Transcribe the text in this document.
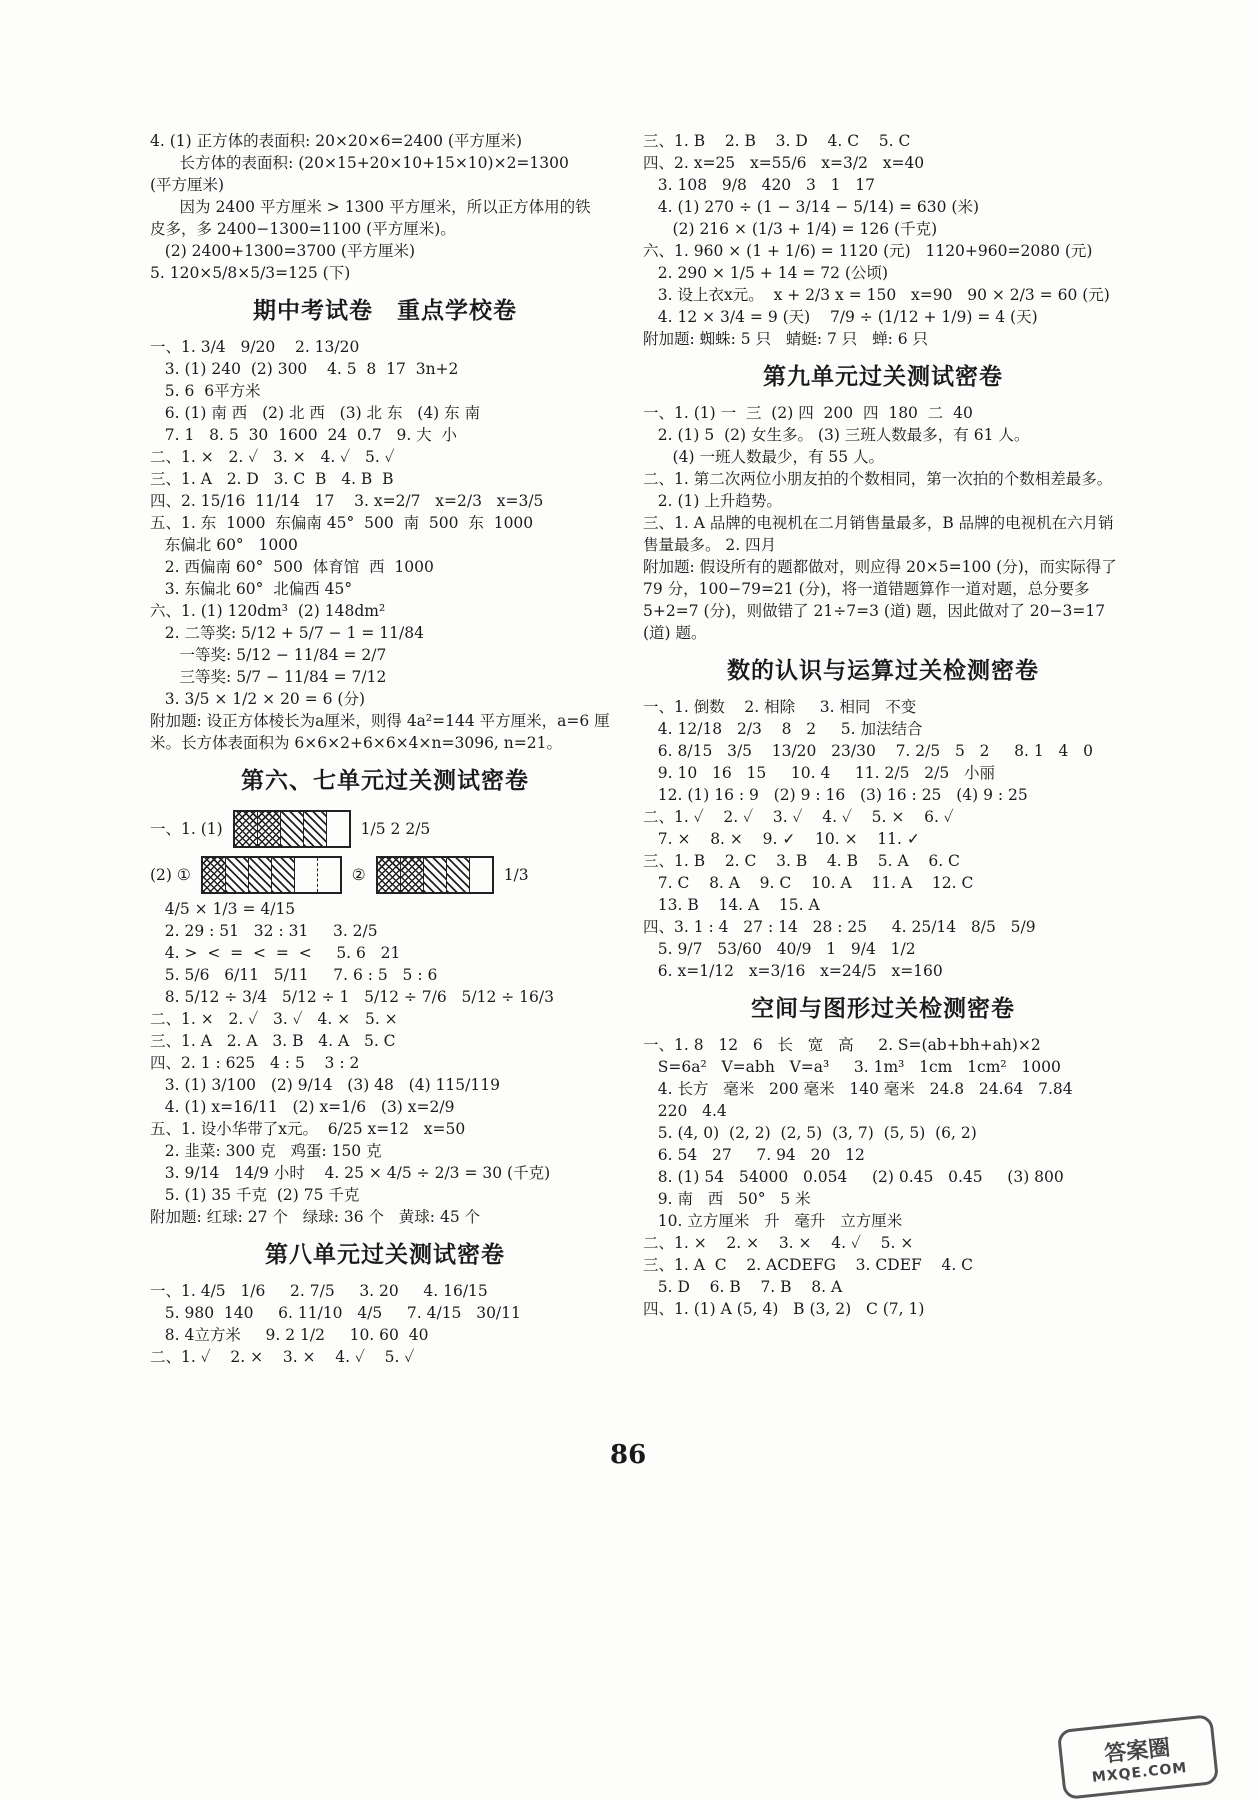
4. (1) 正方体的表面积: 20×20×6=2400 (平方厘米)
长方体的表面积: (20×15+20×10+15×10)×2=1300
(平方厘米)
因为 2400 平方厘米 > 1300 平方厘米，所以正方体用的铁
皮多，多 2400−1300=1100 (平方厘米)。
(2) 2400+1300=3700 (平方厘米)
5. 120×5/8×5/3=125 (下)
期中考试卷　重点学校卷
一、1. 3/4   9/20    2. 13/20
3. (1) 240  (2) 300    4. 5  8  17  3n+2
5. 6  6平方米
6. (1) 南 西   (2) 北 西   (3) 北 东   (4) 东 南
7. 1   8. 5  30  1600  24  0.7   9. 大  小
二、1. ×   2. ✓   3. ×   4. ✓   5. ✓
三、1. A   2. D   3. C  B   4. B  B
四、2. 15/16  11/14   17    3. x=2/7   x=2/3   x=3/5
五、1. 东  1000  东偏南 45°  500  南  500  东  1000
东偏北 60°   1000
2. 西偏南 60°  500  体育馆  西  1000
3. 东偏北 60°  北偏西 45°
六、1. (1) 120dm³  (2) 148dm²
2. 二等奖: 5/12 + 5/7 − 1 = 11/84
一等奖: 5/12 − 11/84 = 2/7
三等奖: 5/7 − 11/84 = 7/12
3. 3/5 × 1/2 × 20 = 6 (分)
附加题: 设正方体棱长为a厘米，则得 4a²=144 平方厘米，a=6 厘米。长方体表面积为 6×6×2+6×6×4×n=3096, n=21。
第六、七单元过关测试密卷
一、1. (1)	1/5 2 2/5
(2) ①	②	1/3
4/5 × 1/3 = 4/15
2. 29 : 51   32 : 31     3. 2/5
4. >  <  =  <  =  <     5. 6   21
5. 5/6   6/11   5/11     7. 6 : 5   5 : 6
8. 5/12 ÷ 3/4   5/12 ÷ 1   5/12 ÷ 7/6   5/12 ÷ 16/3
二、1. ×   2. ✓   3. ✓   4. ×   5. ×
三、1. A   2. A   3. B   4. A   5. C
四、2. 1 : 625   4 : 5    3 : 2
3. (1) 3/100   (2) 9/14   (3) 48   (4) 115/119
4. (1) x=16/11   (2) x=1/6   (3) x=2/9
五、1. 设小华带了x元。  6/25 x=12   x=50
2. 韭菜: 300 克   鸡蛋: 150 克
3. 9/14   14/9 小时    4. 25 × 4/5 ÷ 2/3 = 30 (千克)
5. (1) 35 千克  (2) 75 千克
附加题: 红球: 27 个   绿球: 36 个   黄球: 45 个
第八单元过关测试密卷
一、1. 4/5   1/6     2. 7/5     3. 20     4. 16/15
5. 980  140     6. 11/10   4/5     7. 4/15   30/11
8. 4立方米     9. 2 1/2     10. 60  40
二、1. ✓    2. ×    3. ×    4. ✓    5. ✓
三、1. B    2. B    3. D    4. C    5. C
四、2. x=25   x=55/6   x=3/2   x=40
3. 108   9/8   420   3   1   17
4. (1) 270 ÷ (1 − 3/14 − 5/14) = 630 (米)
(2) 216 × (1/3 + 1/4) = 126 (千克)
六、1. 960 × (1 + 1/6) = 1120 (元)   1120+960=2080 (元)
2. 290 × 1/5 + 14 = 72 (公顷)
3. 设上衣x元。  x + 2/3 x = 150   x=90   90 × 2/3 = 60 (元)
4. 12 × 3/4 = 9 (天)    7/9 ÷ (1/12 + 1/9) = 4 (天)
附加题: 蜘蛛: 5 只   蜻蜓: 7 只   蝉: 6 只
第九单元过关测试密卷
一、1. (1) 一  三  (2) 四  200  四  180  二  40
2. (1) 5  (2) 女生多。 (3) 三班人数最多，有 61 人。
(4) 一班人数最少，有 55 人。
二、1. 第二次两位小朋友拍的个数相同，第一次拍的个数相差最多。
2. (1) 上升趋势。
三、1. A 品牌的电视机在二月销售量最多，B 品牌的电视机在六月销售量最多。 2. 四月
附加题: 假设所有的题都做对，则应得 20×5=100 (分)，而实际得了 79 分，100−79=21 (分)，将一道错题算作一道对题，总分要多 5+2=7 (分)，则做错了 21÷7=3 (道) 题，因此做对了 20−3=17 (道) 题。
数的认识与运算过关检测密卷
一、1. 倒数    2. 相除     3. 相同   不变
4. 12/18   2/3    8   2     5. 加法结合
6. 8/15   3/5    13/20   23/30    7. 2/5   5   2     8. 1   4   0
9. 10   16   15     10. 4     11. 2/5   2/5   小丽
12. (1) 16 : 9   (2) 9 : 16   (3) 16 : 25   (4) 9 : 25
二、1. ✓    2. ✓    3. ✓    4. ✓    5. ×    6. ✓
7. ×    8. ×    9. ✓    10. ×    11. ✓
三、1. B    2. C    3. B    4. B    5. A    6. C
7. C    8. A    9. C    10. A    11. A    12. C
13. B    14. A    15. A
四、3. 1 : 4   27 : 14   28 : 25     4. 25/14   8/5   5/9
5. 9/7   53/60   40/9   1   9/4   1/2
6. x=1/12   x=3/16   x=24/5   x=160
空间与图形过关检测密卷
一、1. 8   12   6   长   宽   高     2. S=(ab+bh+ah)×2
S=6a²   V=abh   V=a³     3. 1m³   1cm   1cm²   1000
4. 长方   毫米   200 毫米   140 毫米   24.8   24.64   7.84
220   4.4
5. (4, 0)  (2, 2)  (2, 5)  (3, 7)  (5, 5)  (6, 2)
6. 54   27     7. 94   20   12
8. (1) 54   54000   0.054     (2) 0.45   0.45     (3) 800
9. 南   西   50°   5 米
10. 立方厘米   升   毫升   立方厘米
二、1. ×    2. ×    3. ×    4. ✓    5. ×
三、1. A  C    2. ACDEFG    3. CDEF    4. C
5. D    6. B    7. B    8. A
四、1. (1) A (5, 4)   B (3, 2)   C (7, 1)
86
答案圈
MXQE.COM
